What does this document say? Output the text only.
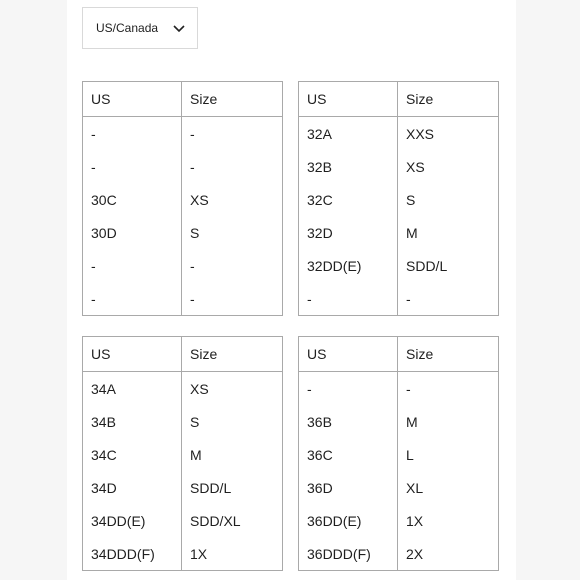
US/Canada
US	Size
-	-
-	-
30C	XS
30D	S
-	-
-	-
US	Size
32A	XXS
32B	XS
32C	S
32D	M
32DD(E)	SDD/L
-	-
US	Size
34A	XS
34B	S
34C	M
34D	SDD/L
34DD(E)	SDD/XL
34DDD(F)	1X
US	Size
-	-
36B	M
36C	L
36D	XL
36DD(E)	1X
36DDD(F)	2X
